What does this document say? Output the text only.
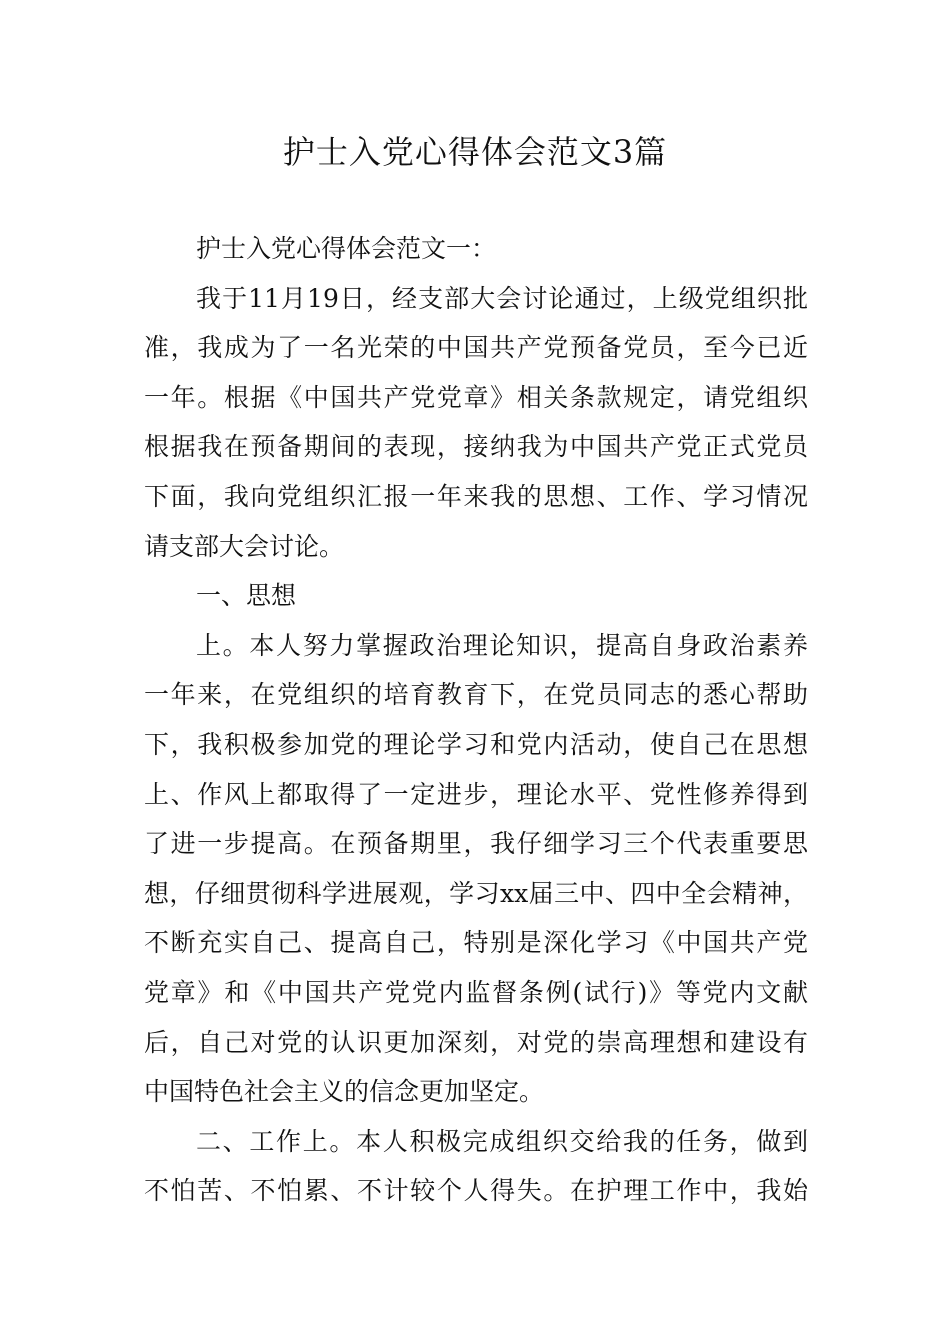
护士入党心得体会范文3篇
护士入党心得体会范文一：
我于11月19日，经支部大会讨论通过，上级党组织批
准，我成为了一名光荣的中国共产党预备党员，至今已近
一年。根据《中国共产党党章》相关条款规定，请党组织
根据我在预备期间的表现，接纳我为中国共产党正式党员
下面，我向党组织汇报一年来我的思想、工作、学习情况
请支部大会讨论。
一、思想
上。本人努力掌握政治理论知识，提高自身政治素养
一年来，在党组织的培育教育下，在党员同志的悉心帮助
下，我积极参加党的理论学习和党内活动，使自己在思想
上、作风上都取得了一定进步，理论水平、党性修养得到
了进一步提高。在预备期里，我仔细学习三个代表重要思
想，仔细贯彻科学进展观，学习xx届三中、四中全会精神，
不断充实自己、提高自己，特别是深化学习《中国共产党
党章》和《中国共产党党内监督条例(试行)》等党内文献
后，自己对党的认识更加深刻，对党的崇高理想和建设有
中国特色社会主义的信念更加坚定。
二、工作上。本人积极完成组织交给我的任务，做到
不怕苦、不怕累、不计较个人得失。在护理工作中，我始
